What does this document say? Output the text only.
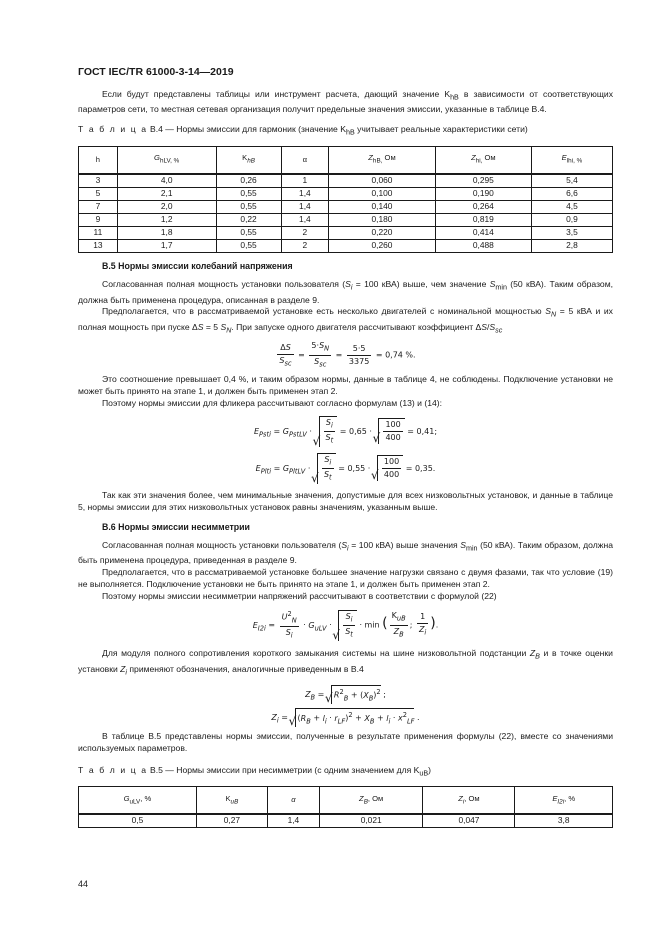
ГОСТ IEC/TR 61000-3-14—2019

Если будут представлены таблицы или инструмент расчета, дающий значение $K_{hB}$ в зависимости от соответствующих параметров сети, то местная сетевая организация получит предельные значения эмиссии, указанные в таблице B.4.

Т а б л и ц а B.4 — Нормы эмиссии для гармоник (значение $K_{hB}$ учитывает реальные характеристики сети)

h	$G_{hLV, \%}$	$K_{hB}$	α	$Z_{hB,}$ Ом	$Z_{hi,}$ Ом	$E_{lhi, \%}$
3	4,0	0,26	1	0,060	0,295	5,4
5	2,1	0,55	1,4	0,100	0,190	6,6
7	2,0	0,55	1,4	0,140	0,264	4,5
9	1,2	0,22	1,4	0,180	0,819	0,9
11	1,8	0,55	2	0,220	0,414	3,5
13	1,7	0,55	2	0,260	0,488	2,8
B.5 Нормы эмиссии колебаний напряжения

Согласованная полная мощность установки пользователя ($S_i = 100$ кВА) выше, чем значение $S_{min}$ (50 кВА). Таким образом, должна быть применена процедура, описанная в разделе 9.

Предполагается, что в рассматриваемой установке есть несколько двигателей с номинальной мощностью $S_N = 5$ кВА и их полная мощность при пуске ΔS = 5 $S_N$. При запуске одного двигателя рассчитывают коэффициент $\Delta S/S_{sc}$

$\frac{\Delta S}{S_{sc}} = \frac{5\cdot S_N}{S_{sc}} = \frac{5\cdot 5}{3375} = 0,74$ %.

Это соотношение превышает 0,4 %, и таким образом нормы, данные в таблице 4, не соблюдены. Подключение установки не может быть принято на этапе 1, и должен быть применен этап 2.

Поэтому нормы эмиссии для фликера рассчитывают согласно формулам (13) и (14):

$E_{Psti} = G_{PstLV}$ · √ $\frac{S_i}{S_t} = 0,65$ · √ $\frac{100}{400} = 0,41$;
$E_{Plti} = G_{PltLV}$ · √ $\frac{S_i}{S_t} = 0,55$ · √ $\frac{100}{400} = 0,35$.

Так как эти значения более, чем минимальные значения, допустимые для всех низковольтных установок, и данные в таблице 5, нормы эмиссии для этих низковольтных установок равны значениям, указанным выше.

B.6 Нормы эмиссии несимметрии

Согласованная полная мощность установки пользователя ($S_i = 100$ кВА) выше значения $S_{min}$ (50 кВА). Таким образом, должна быть применена процедура, приведенная в разделе 9.

Предполагается, что в рассматриваемой установке большее значение нагрузки связано с двумя фазами, так что условие (19) не выполняется. Подключение установки не быть принято на этапе 1, и должен быть применен этап 2.

Поэтому нормы эмиссии несимметрии напряжений рассчитывают в соответствии с формулой (22)

$E_{I2i} = \frac{U^2_N}{S_i} \cdot G_{uLV}$ · √ $\frac{S_i}{S_t} \cdot \min$ ( $\frac{K_{uB}}{Z_B}$ ; $\frac{1}{Z_i}$ ).

Для модуля полного сопротивления короткого замыкания системы на шине низковольтной подстанции $Z_B$ и в точке оценки установки $Z_i$ применяют обозначения, аналогичные приведенным в B.4

$Z_B$ = √ $R^2_B + (X_B)^2$ ;
$Z_i$ = √ $(R_B + l_i \cdot r_{LF})^2 + X_B + l_i \cdot x^2_{LF}$ .

В таблице B.5 представлены нормы эмиссии, полученные в результате применения формулы (22), вместе со значениями используемых параметров.

Т а б л и ц а B.5 — Нормы эмиссии при несимметрии (с одним значением для $K_{uB}$)

$G_{uLV}$, %	$K_{uB}$	α	$Z_B$, Ом	$Z_i$, Ом	$E_{I2i}$, %
0,5	0,27	1,4	0,021	0,047	3,8
44
